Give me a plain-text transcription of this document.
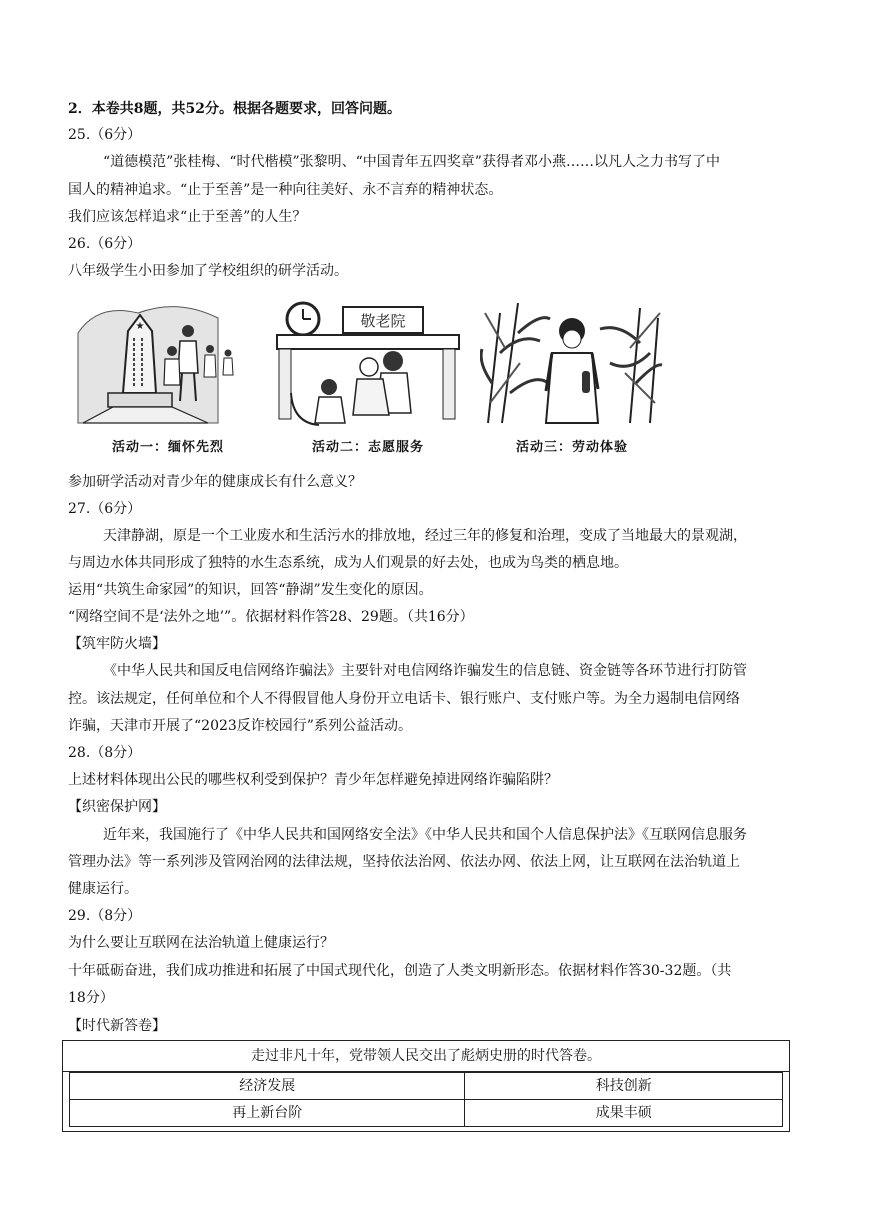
2．本卷共8题，共52分。根据各题要求，回答问题。
25.（6分）
“道德模范”张桂梅、“时代楷模”张黎明、“中国青年五四奖章”获得者邓小燕……以凡人之力书写了中
国人的精神追求。“止于至善”是一种向往美好、永不言弃的精神状态。
我们应该怎样追求“止于至善”的人生？
26.（6分）
八年级学生小田参加了学校组织的研学活动。
★
活动一：缅怀先烈
敬老院
活动二：志愿服务	活动三：劳动体验
参加研学活动对青少年的健康成长有什么意义？
27.（6分）
天津静湖，原是一个工业废水和生活污水的排放地，经过三年的修复和治理，变成了当地最大的景观湖，
与周边水体共同形成了独特的水生态系统，成为人们观景的好去处，也成为鸟类的栖息地。
运用“共筑生命家园”的知识，回答“静湖”发生变化的原因。
“网络空间不是‘法外之地’”。依据材料作答28、29题。（共16分）
【筑牢防火墙】
《中华人民共和国反电信网络诈骗法》主要针对电信网络诈骗发生的信息链、资金链等各环节进行打防管
控。该法规定，任何单位和个人不得假冒他人身份开立电话卡、银行账户、支付账户等。为全力遏制电信网络
诈骗，天津市开展了“2023反诈校园行”系列公益活动。
28.（8分）
上述材料体现出公民的哪些权利受到保护？青少年怎样避免掉进网络诈骗陷阱？
【织密保护网】
近年来，我国施行了《中华人民共和国网络安全法》《中华人民共和国个人信息保护法》《互联网信息服务
管理办法》等一系列涉及管网治网的法律法规，坚持依法治网、依法办网、依法上网，让互联网在法治轨道上
健康运行。
29.（8分）
为什么要让互联网在法治轨道上健康运行？
十年砥砺奋进，我们成功推进和拓展了中国式现代化，创造了人类文明新形态。依据材料作答30-32题。（共
18分）
【时代新答卷】
走过非凡十年，党带领人民交出了彪炳史册的时代答卷。

经济发展	科技创新
再上新台阶	成果丰硕
